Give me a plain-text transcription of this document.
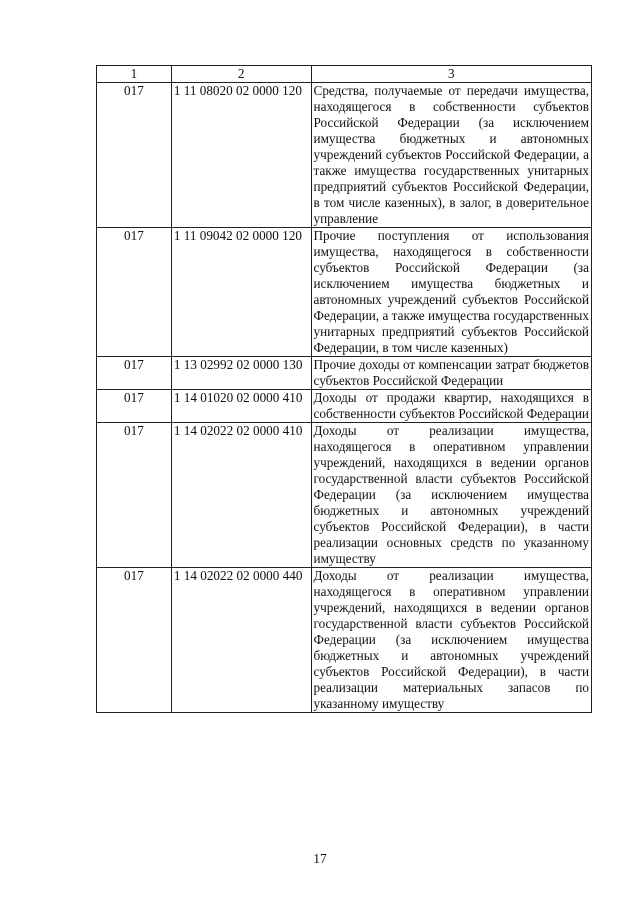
1	2	3
017	1 11 08020 02 0000 120	Средства, получаемые от передачи имущества, находящегося в собственности субъектов Российской Федерации (за исключением имущества бюджетных и автономных учреждений субъектов Российской Федерации, а также имущества государственных унитарных предприятий субъектов Российской Федерации, в том числе казенных), в залог, в доверительное управление
017	1 11 09042 02 0000 120	Прочие поступления от использования имущества, находящегося в собственности субъектов Российской Федерации (за исключением имущества бюджетных и автономных учреждений субъектов Российской Федерации, а также имущества государственных унитарных предприятий субъектов Российской Федерации, в том числе казенных)
017	1 13 02992 02 0000 130	Прочие доходы от компенсации затрат бюджетов субъектов Российской Федерации
017	1 14 01020 02 0000 410	Доходы от продажи квартир, находящихся в собственности субъектов Российской Федерации
017	1 14 02022 02 0000 410	Доходы от реализации имущества, находящегося в оперативном управлении учреждений, находящихся в ведении органов государственной власти субъектов Российской Федерации (за исключением имущества бюджетных и автономных учреждений субъектов Российской Федерации), в части реализации основных средств по указанному имуществу
017	1 14 02022 02 0000 440	Доходы от реализации имущества, находящегося в оперативном управлении учреждений, находящихся в ведении органов государственной власти субъектов Российской Федерации (за исключением имущества бюджетных и автономных учреждений субъектов Российской Федерации), в части реализации материальных запасов по указанному имуществу
17
